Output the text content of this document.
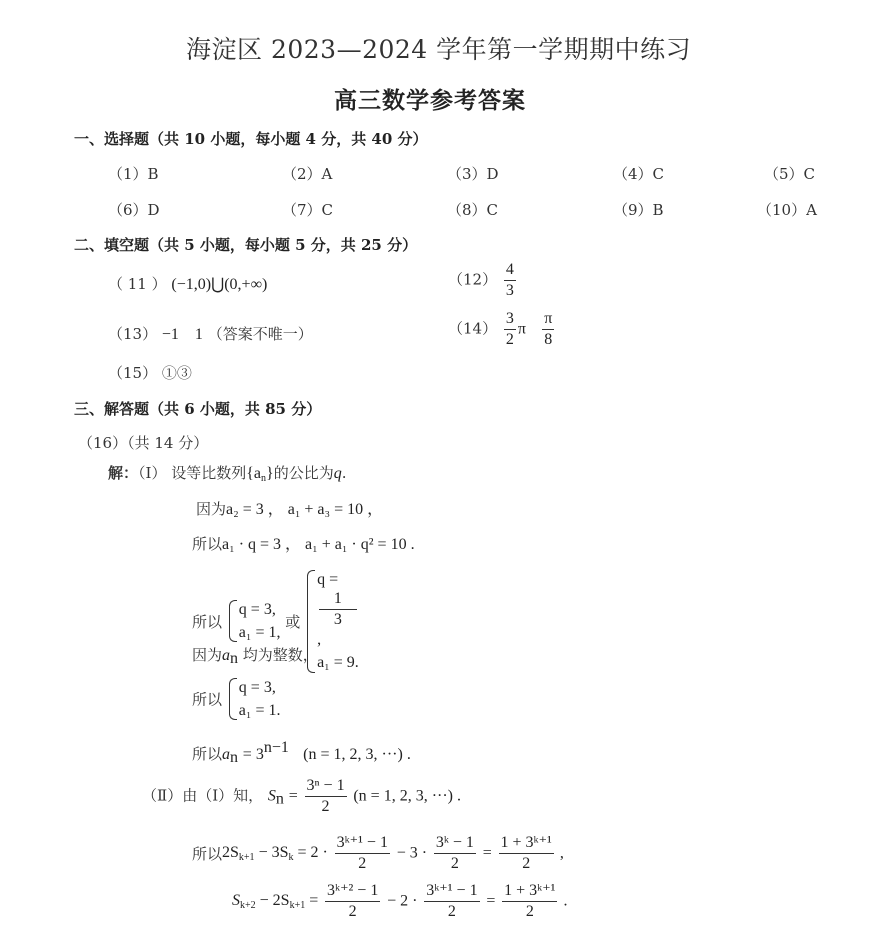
海淀区 2023—2024 学年第一学期期中练习
高三数学参考答案
一、选择题（共 10 小题，每小题 4 分，共 40 分）
（1）B	（2）A	（3）D	（4）C	（5）C
（6）D	（7）C	（8）C	（9）B	（10）A
二、填空题（共 5 小题，每小题 5 分，共 25 分）
（ 11 ） (−1,0)⋃(0,+∞)	$(12) \frac{4}{3}$
（13） −1　1 （答案不唯一）	$(14) \frac{3}{2}$ π $\frac{\pi}{8}$
（15） ①③
三、解答题（共 6 小题，共 85 分）
（16）（共 14 分）
解：（Ⅰ） 设等比数列$\{a_n\}$的公比为q.
因为a₂ = 3 ， a₁ + a₃ = 10 ，
所以a₁ · q = 3 ， a₁ + a₁ · q² = 10 .
所以
q = 3,
a₁ = 1,
或
q =
1
3
,
a₁ = 9.
因为$a_n$ 均为整数，
所以
q = 3,
a₁ = 1.
所以$a_n = 3^{n-1}$ (n = 1, 2, 3, ···) .
（Ⅱ）由（Ⅰ）知， $S_n = \frac{\text{3ⁿ − 1}}{2} (n = 1$, 2, 3, ···) .
所以$2S_{k+1} - 3S_k = 2 \cdot \frac{\text{3ᵏ⁺¹ − 1}}{2} - 3 \cdot \frac{\text{3ᵏ − 1}}{2} = \frac{\text{1 + 3ᵏ⁺¹}}{2}$ ,
$S_{k+2} - 2S_{k+1} = \frac{\text{3ᵏ⁺² − 1}}{2} - 2 \cdot \frac{\text{3ᵏ⁺¹ − 1}}{2} = \frac{\text{1 + 3ᵏ⁺¹}}{2}$ .
